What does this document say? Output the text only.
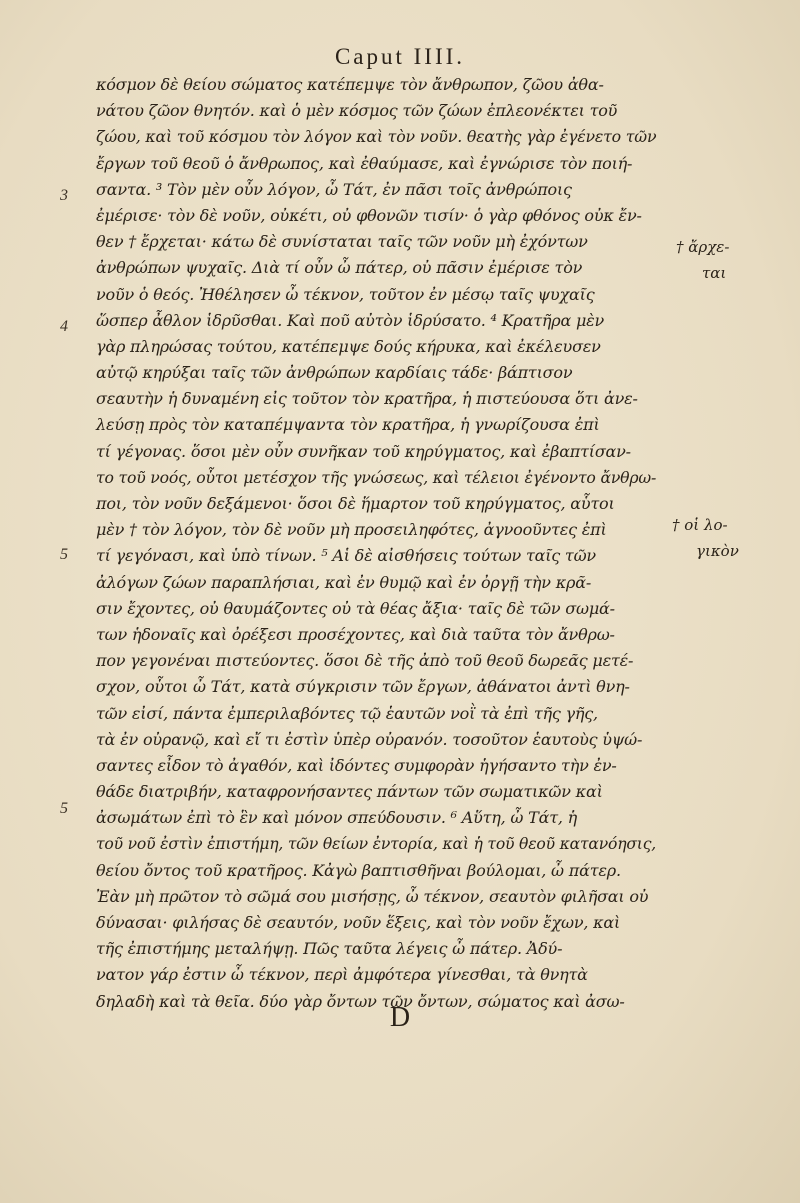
Caput IIII.
κόσμον δὲ θείου σώματος κατέπεμψε τὸν ἄνθρωπον, ζῶου ἀθα-
νάτου ζῶον θνητόν. καὶ ὁ μὲν κόσμος τῶν ζώων ἐπλεονέκτει τοῦ
ζώου, καὶ τοῦ κόσμου τὸν λόγον καὶ τὸν νοῦν. θεατὴς γὰρ ἐγένετο τῶν
ἔργων τοῦ θεοῦ ὁ ἄνθρωπος, καὶ ἐθαύμασε, καὶ ἐγνώρισε τὸν ποιή-
σαντα. ³ Τὸν μὲν οὖν λόγον, ὦ Τάτ, ἐν πᾶσι τοῖς ἀνθρώποις
ἐμέρισε· τὸν δὲ νοῦν, οὐκέτι, οὐ φθονῶν τισίν· ὁ γὰρ φθόνος οὐκ ἔν-
θεν † ἔρχεται· κάτω δὲ συνίσταται ταῖς τῶν νοῦν μὴ ἐχόντων
ἀνθρώπων ψυχαῖς. Διὰ τί οὖν ὦ πάτερ, οὐ πᾶσιν ἐμέρισε τὸν
νοῦν ὁ θεός. Ἠθέλησεν ὦ τέκνον, τοῦτον ἐν μέσῳ ταῖς ψυχαῖς
ὥσπερ ἆθλον ἱδρῦσθαι. Καὶ ποῦ αὐτὸν ἱδρύσατο. ⁴ Κρατῆρα μὲν
γὰρ πληρώσας τούτου, κατέπεμψε δούς κήρυκα, καὶ ἐκέλευσεν
αὐτῷ κηρύξαι ταῖς τῶν ἀνθρώπων καρδίαις τάδε· βάπτισον
σεαυτὴν ἡ δυναμένη εἰς τοῦτον τὸν κρατῆρα, ἡ πιστεύουσα ὅτι ἀνε-
λεύσῃ πρὸς τὸν καταπέμψαντα τὸν κρατῆρα, ἡ γνωρίζουσα ἐπὶ
τί γέγονας. ὅσοι μὲν οὖν συνῆκαν τοῦ κηρύγματος, καὶ ἐβαπτίσαν-
το τοῦ νοός, οὗτοι μετέσχον τῆς γνώσεως, καὶ τέλειοι ἐγένοντο ἄνθρω-
ποι, τὸν νοῦν δεξάμενοι· ὅσοι δὲ ἥμαρτον τοῦ κηρύγματος, αὗτοι
μὲν † τὸν λόγον, τὸν δὲ νοῦν μὴ προσειληφότες, ἀγνοοῦντες ἐπὶ
τί γεγόνασι, καὶ ὑπὸ τίνων. ⁵ Αἱ δὲ αἰσθήσεις τούτων ταῖς τῶν
ἀλόγων ζώων παραπλήσιαι, καὶ ἐν θυμῷ καὶ ἐν ὀργῇ τὴν κρᾶ-
σιν ἔχοντες, οὐ θαυμάζοντες οὐ τὰ θέας ἄξια· ταῖς δὲ τῶν σωμά-
των ἡδοναῖς καὶ ὀρέξεσι προσέχοντες, καὶ διὰ ταῦτα τὸν ἄνθρω-
πον γεγονέναι πιστεύοντες. ὅσοι δὲ τῆς ἀπὸ τοῦ θεοῦ δωρεᾶς μετέ-
σχον, οὗτοι ὦ Τάτ, κατὰ σύγκρισιν τῶν ἔργων, ἀθάνατοι ἀντὶ θνη-
τῶν εἰσί, πάντα ἐμπεριλαβόντες τῷ ἑαυτῶν νοῒ τὰ ἐπὶ τῆς γῆς,
τὰ ἐν οὐρανῷ, καὶ εἴ τι ἐστὶν ὑπὲρ οὐρανόν. τοσοῦτον ἑαυτοὺς ὑψώ-
σαντες εἶδον τὸ ἀγαθόν, καὶ ἰδόντες συμφορὰν ἡγήσαντο τὴν ἐν-
θάδε διατριβήν, καταφρονήσαντες πάντων τῶν σωματικῶν καὶ
ἀσωμάτων ἐπὶ τὸ ἓν καὶ μόνον σπεύδουσιν. ⁶ Αὕτη, ὦ Τάτ, ἡ
τοῦ νοῦ ἐστὶν ἐπιστήμη, τῶν θείων ἐντορία, καὶ ἡ τοῦ θεοῦ κατανόησις,
θείου ὄντος τοῦ κρατῆρος. Κἀγὼ βαπτισθῆναι βούλομαι, ὦ πάτερ.
Ἐὰν μὴ πρῶτον τὸ σῶμά σου μισήσῃς, ὦ τέκνον, σεαυτὸν φιλῆσαι οὐ
δύνασαι· φιλήσας δὲ σεαυτόν, νοῦν ἕξεις, καὶ τὸν νοῦν ἔχων, καὶ
τῆς ἐπιστήμης μεταλήψῃ. Πῶς ταῦτα λέγεις ὦ πάτερ. Ἀδύ-
νατον γάρ ἐστιν ὦ τέκνον, περὶ ἀμφότερα γίνεσθαι, τὰ θνητὰ
δηλαδὴ καὶ τὰ θεῖα. δύο γὰρ ὄντων τῶν ὄντων, σώματος καὶ ἀσω-
3
4
5
5
† ἄρχε-
ται
† οἱ λο-
γικὸν
D
